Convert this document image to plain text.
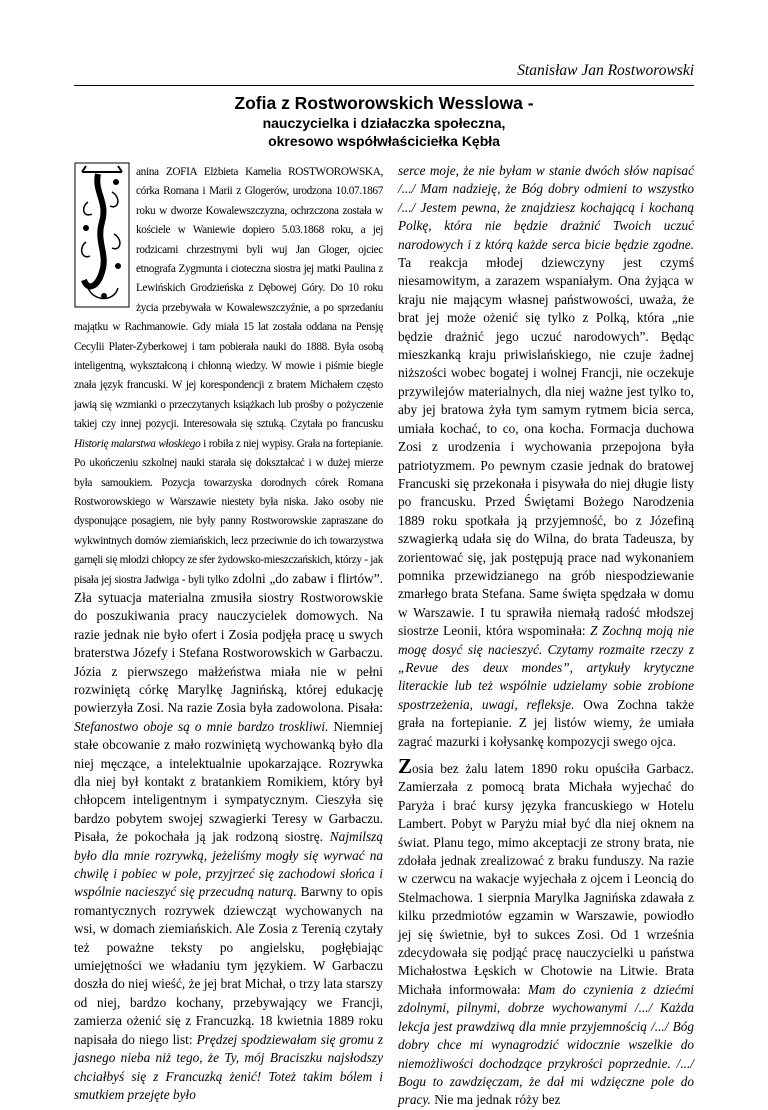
Stanisław Jan Rostworowski
Zofia z Rostworowskich Wesslowa -
nauczycielka i działaczka społeczna,
okresowo współwłaściciełka Kębła

anina ZOFIA Elżbieta Kamelia ROSTWOROWSKA, córka Romana i Marii z Glogerów, urodzona 10.07.1867 roku w dworze Kowalewszczyzna, ochrzczona została w kościele w Waniewie dopiero 5.03.1868 roku, a jej rodzicami chrzestnymi byli wuj Jan Gloger, ojciec etnografa Zygmunta i cioteczna siostra jej matki Paulina z Lewińskich Grodzieńska z Dębowej Góry. Do 10 roku życia przebywała w Kowalewszczyźnie, a po sprzedaniu majątku w Rachmanowie. Gdy miała 15 lat została oddana na Pensję Cecylii Plater-Zyberkowej i tam pobierała nauki do 1888. Była osobą inteligentną, wykształconą i chłonną wiedzy. W mowie i piśmie biegle znała język francuski. W jej korespondencji z bratem Michałem często jawią się wzmianki o przeczytanych książkach lub prośby o pożyczenie takiej czy innej pozycji. Interesowała się sztuką. Czytała po francusku Historię malarstwa włoskiego i robiła z niej wypisy. Grała na fortepianie. Po ukończeniu szkolnej nauki starała się dokształcać i w dużej mierze była samoukiem. Pozycja towarzyska dorodnych córek Romana Rostworowskiego w Warszawie niestety była niska. Jako osoby nie dysponujące posagiem, nie były panny Rostworowskie zapraszane do wykwintnych domów ziemiańskich, lecz przeciwnie do ich towarzystwa garnęli się młodzi chłopcy ze sfer żydowsko-mieszczańskich, którzy - jak pisała jej siostra Jadwiga - byli tylko zdolni „do zabaw i flirtów”. Zła sytuacja materialna zmusiła siostry Rostworowskie do poszukiwania pracy nauczycielek domowych. Na razie jednak nie było ofert i Zosia podjęła pracę u swych braterstwa Józefy i Stefana Rostworowskich w Garbaczu. Józia z pierwszego małżeństwa miała nie w pełni rozwiniętą córkę Marylkę Jagnińską, której edukację powierzyła Zosi. Na razie Zosia była zadowolona. Pisała: Stefanostwo oboje są o mnie bardzo troskliwi. Niemniej stałe obcowanie z mało rozwiniętą wychowanką było dla niej męczące, a intelektualnie upokarzające. Rozrywka dla niej był kontakt z bratankiem Romikiem, który był chłopcem inteligentnym i sympatycznym. Cieszyła się bardzo pobytem swojej szwagierki Teresy w Garbaczu. Pisała, że pokochała ją jak rodzoną siostrę. Najmilszą było dla mnie rozrywką, jeżeliśmy mogły się wyrwać na chwilę i pobiec w pole, przyjrzeć się zachodowi słońca i wspólnie nacieszyć się przecudną naturą. Barwny to opis romantycznych rozrywek dziewcząt wychowanych na wsi, w domach ziemiańskich. Ale Zosia z Terenią czytały też poważne teksty po angielsku, pogłębiając umiejętności we władaniu tym językiem. W Garbaczu doszła do niej wieść, że jej brat Michał, o trzy lata starszy od niej, bardzo kochany, przebywający we Francji, zamierza ożenić się z Francuzką. 18 kwietnia 1889 roku napisała do niego list: Prędzej spodziewałam się gromu z jasnego nieba niż tego, że Ty, mój Braciszku najsłodszy chciałbyś się z Francuzką żenić! Toteż takim bólem i smutkiem przejęte było

serce moje, że nie byłam w stanie dwóch słów napisać /.../ Mam nadzieję, że Bóg dobry odmieni to wszystko /.../ Jestem pewna, że znajdziesz kochającą i kochaną Polkę, która nie będzie drażnić Twoich uczuć narodowych i z którą każde serca bicie będzie zgodne. Ta reakcja młodej dziewczyny jest czymś niesamowitym, a zarazem wspaniałym. Ona żyjąca w kraju nie mającym własnej państwowości, uważa, że brat jej może ożenić się tylko z Polką, która „nie będzie drażnić jego uczuć narodowych”. Będąc mieszkanką kraju priwislańskiego, nie czuje żadnej niższości wobec bogatej i wolnej Francji, nie oczekuje przywilejów materialnych, dla niej ważne jest tylko to, aby jej bratowa żyła tym samym rytmem bicia serca, umiała kochać, to co, ona kocha. Formacja duchowa Zosi z urodzenia i wychowania przepojona była patriotyzmem. Po pewnym czasie jednak do bratowej Francuski się przekonała i pisywała do niej długie listy po francusku. Przed Świętami Bożego Narodzenia 1889 roku spotkała ją przyjemność, bo z Józefiną szwagierką udała się do Wilna, do brata Tadeusza, by zorientować się, jak postępują prace nad wykonaniem pomnika przewidzianego na grób niespodziewanie zmarłego brata Stefana. Same święta spędzała w domu w Warszawie. I tu sprawiła niemałą radość młodszej siostrze Leonii, która wspominała: Z Zochną moją nie mogę dosyć się nacieszyć. Czytamy rozmaite rzeczy z „Revue des deux mondes”, artykuły krytyczne literackie lub też wspólnie udzielamy sobie zrobione spostrzeżenia, uwagi, refleksje. Owa Zochna także grała na fortepianie. Z jej listów wiemy, że umiała zagrać mazurki i kołysankę kompozycji swego ojca.

Zosia bez żalu latem 1890 roku opuściła Garbacz. Zamierzała z pomocą brata Michała wyjechać do Paryża i brać kursy języka francuskiego w Hotelu Lambert. Pobyt w Paryżu miał być dla niej oknem na świat. Planu tego, mimo akceptacji ze strony brata, nie zdołała jednak zrealizować z braku funduszy. Na razie w czerwcu na wakacje wyjechała z ojcem i Leoncią do Stelmachowa. 1 sierpnia Marylka Jagnińska zdawała z kilku przedmiotów egzamin w Warszawie, powiodło jej się świetnie, był to sukces Zosi. Od 1 września zdecydowała się podjąć pracę nauczycielki u państwa Michałostwa Łęskich w Chotowie na Litwie. Brata Michała informowała: Mam do czynienia z dziećmi zdolnymi, pilnymi, dobrze wychowanymi /.../ Każda lekcja jest prawdziwą dla mnie przyjemnością /.../ Bóg dobry chce mi wynagrodzić widocznie wszelkie do niemożliwości dochodzące przykrości poprzednie. /.../ Bogu to zawdzięczam, że dał mi wdzięczne pole do pracy. Nie ma jednak róży bez
